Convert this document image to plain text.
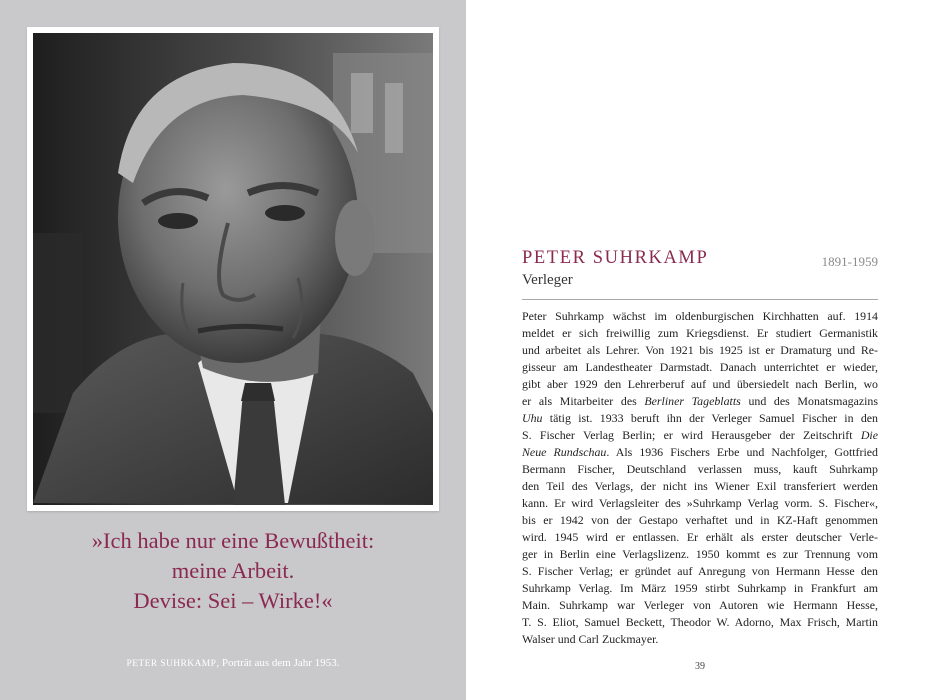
»Ich habe nur eine Bewußtheit:
meine Arbeit.
Devise: Sei – Wirke!«
PETER SUHRKAMP, Porträt aus dem Jahr 1953.
PETER SUHRKAMP	1891-1959
Verleger
Peter Suhrkamp wächst im oldenburgischen Kirchhatten auf. 1914
meldet er sich freiwillig zum Kriegsdienst. Er studiert Germanistik
und arbeitet als Lehrer. Von 1921 bis 1925 ist er Dramaturg und Re-
gisseur am Landestheater Darmstadt. Danach unterrichtet er wieder,
gibt aber 1929 den Lehrerberuf auf und übersiedelt nach Berlin, wo
er als Mitarbeiter des Berliner Tageblatts und des Monatsmagazins
Uhu tätig ist. 1933 beruft ihn der Verleger Samuel Fischer in den
S. Fischer Verlag Berlin; er wird Herausgeber der Zeitschrift Die
Neue Rundschau. Als 1936 Fischers Erbe und Nachfolger, Gottfried
Bermann Fischer, Deutschland verlassen muss, kauft Suhrkamp
den Teil des Verlags, der nicht ins Wiener Exil transferiert werden
kann. Er wird Verlagsleiter des »Suhrkamp Verlag vorm. S. Fischer«,
bis er 1942 von der Gestapo verhaftet und in KZ-Haft genommen
wird. 1945 wird er entlassen. Er erhält als erster deutscher Verle-
ger in Berlin eine Verlagslizenz. 1950 kommt es zur Trennung vom
S. Fischer Verlag; er gründet auf Anregung von Hermann Hesse den
Suhrkamp Verlag. Im März 1959 stirbt Suhrkamp in Frankfurt am
Main. Suhrkamp war Verleger von Autoren wie Hermann Hesse,
T. S. Eliot, Samuel Beckett, Theodor W. Adorno, Max Frisch, Martin
Walser und Carl Zuckmayer.
39
